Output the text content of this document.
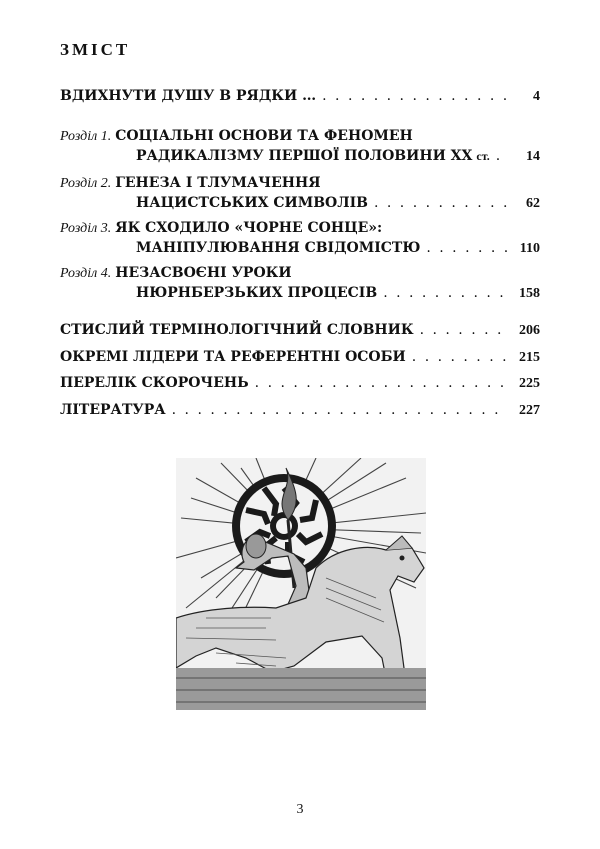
ЗМІСТ
ВДИХНУТИ ДУШУ В РЯДКИ … . . .	4
Розділ 1. СОЦІАЛЬНІ ОСНОВИ ТА ФЕНОМЕН
РАДИКАЛІЗМУ ПЕРШОЇ ПОЛОВИНИ XX ст. . . .	14
Розділ 2. ГЕНЕЗА І ТЛУМАЧЕННЯ
НАЦИСТСЬКИХ СИМВОЛІВ . . .	62
Розділ 3. ЯК СХОДИЛО «ЧОРНЕ СОНЦЕ»:
МАНІПУЛЮВАННЯ СВІДОМІСТЮ . . .	110
Розділ 4. НЕЗАСВОЄНІ УРОКИ
НЮРНБЕРЗЬКИХ ПРОЦЕСІВ . . .	158
СТИСЛИЙ ТЕРМІНОЛОГІЧНИЙ СЛОВНИК . . .	206
ОКРЕМІ ЛІДЕРИ ТА РЕФЕРЕНТНІ ОСОБИ . . .	215
ПЕРЕЛІК СКОРОЧЕНЬ . . .	225
ЛІТЕРАТУРА . . .	227
3
